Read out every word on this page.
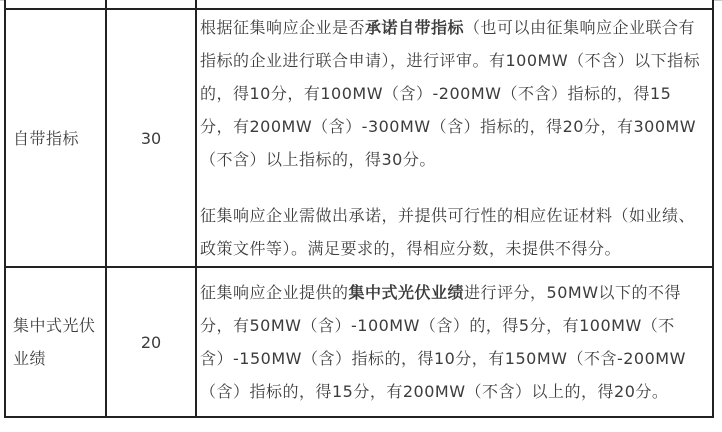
自带指标	30	根据征集响应企业是否承诺自带指标（也可以由征集响应企业联合有指标的企业进行联合申请），进行评审。有100MW（不含）以下指标的，得10分，有100MW（含）-200MW（不含）指标的，得15分，有200MW（含）-300MW（含）指标的，得20分，有300MW（不含）以上指标的，得30分。

征集响应企业需做出承诺，并提供可行性的相应佐证材料（如业绩、政策文件等）。满足要求的，得相应分数，未提供不得分。

集中式光伏业绩	20	征集响应企业提供的集中式光伏业绩进行评分，50MW以下的不得分，有50MW（含）-100MW（含）的，得5分，有100MW（不含）-150MW（含）指标的，得10分，有150MW（不含-200MW（含）指标的，得15分，有200MW（不含）以上的，得20分。
